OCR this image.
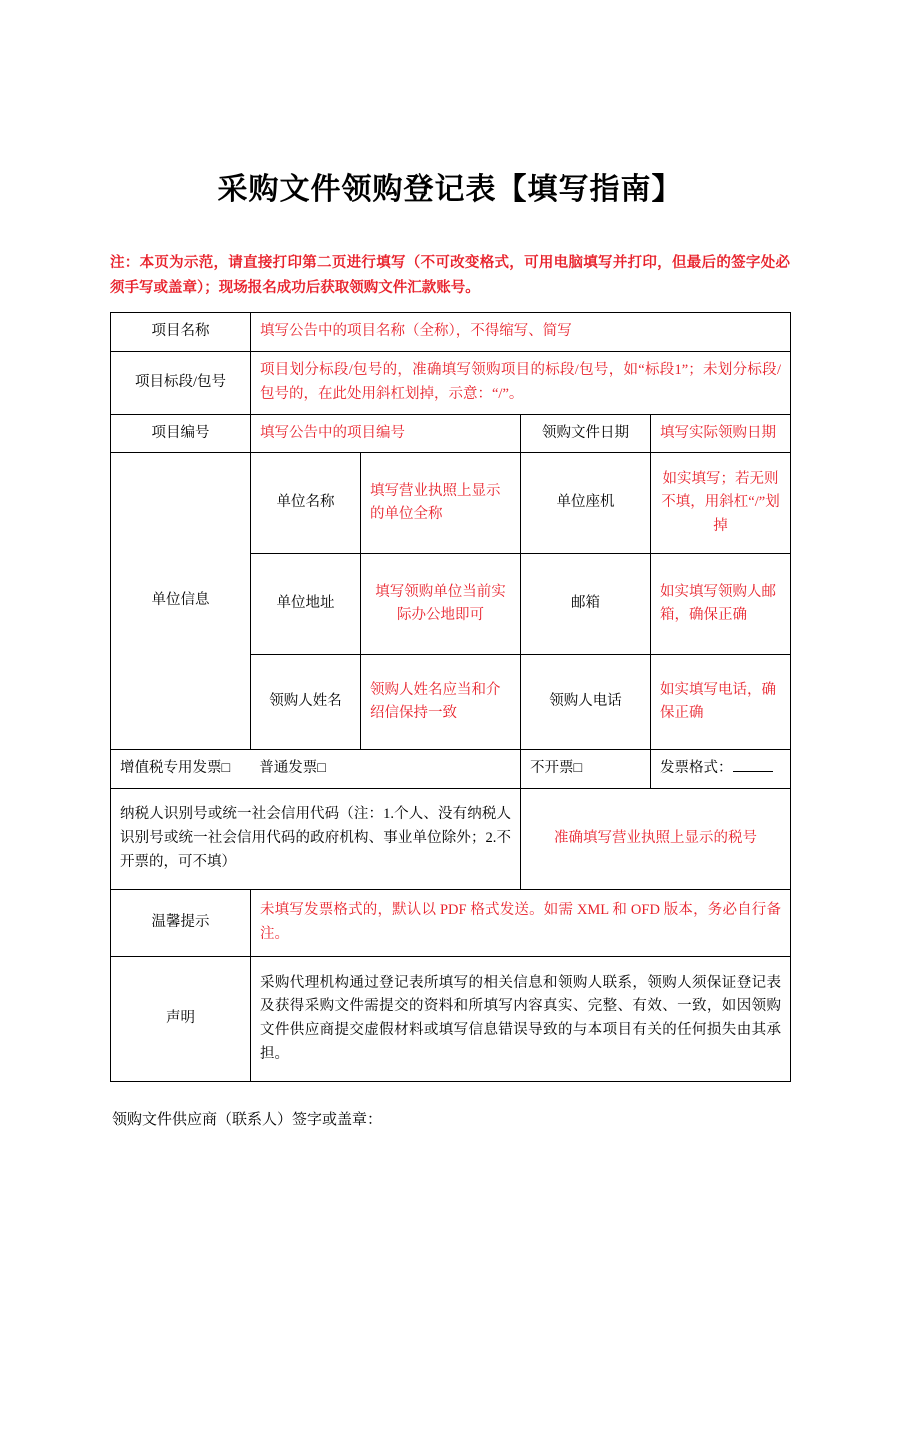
采购文件领购登记表【填写指南】

注：本页为示范，请直接打印第二页进行填写（不可改变格式，可用电脑填写并打印，但最后的签字处必须手写或盖章）；现场报名成功后获取领购文件汇款账号。

项目名称	填写公告中的项目名称（全称），不得缩写、简写			
项目标段/包号	项目划分标段/包号的，准确填写领购项目的标段/包号，如“标段1”；未划分标段/包号的，在此处用斜杠划掉，示意：“/”。			
项目编号	填写公告中的项目编号		领购文件日期	填写实际领购日期
单位信息	单位名称	填写营业执照上显示的单位全称	单位座机	如实填写；若无则不填，用斜杠“/”划掉
	单位地址	填写领购单位当前实际办公地即可	邮箱	如实填写领购人邮箱，确保正确
	领购人姓名	领购人姓名应当和介绍信保持一致	领购人电话	如实填写电话，确保正确
增值税专用发票□ 普通发票□			不开票□	发票格式：
纳税人识别号或统一社会信用代码（注：1.个人、没有纳税人识别号或统一社会信用代码的政府机构、事业单位除外；2.不开票的，可不填）			准确填写营业执照上显示的税号	
温馨提示	未填写发票格式的，默认以 PDF 格式发送。如需 XML 和 OFD 版本，务必自行备注。			
声明	采购代理机构通过登记表所填写的相关信息和领购人联系，领购人须保证登记表及获得采购文件需提交的资料和所填写内容真实、完整、有效、一致，如因领购文件供应商提交虚假材料或填写信息错误导致的与本项目有关的任何损失由其承担。			
领购文件供应商（联系人）签字或盖章：
